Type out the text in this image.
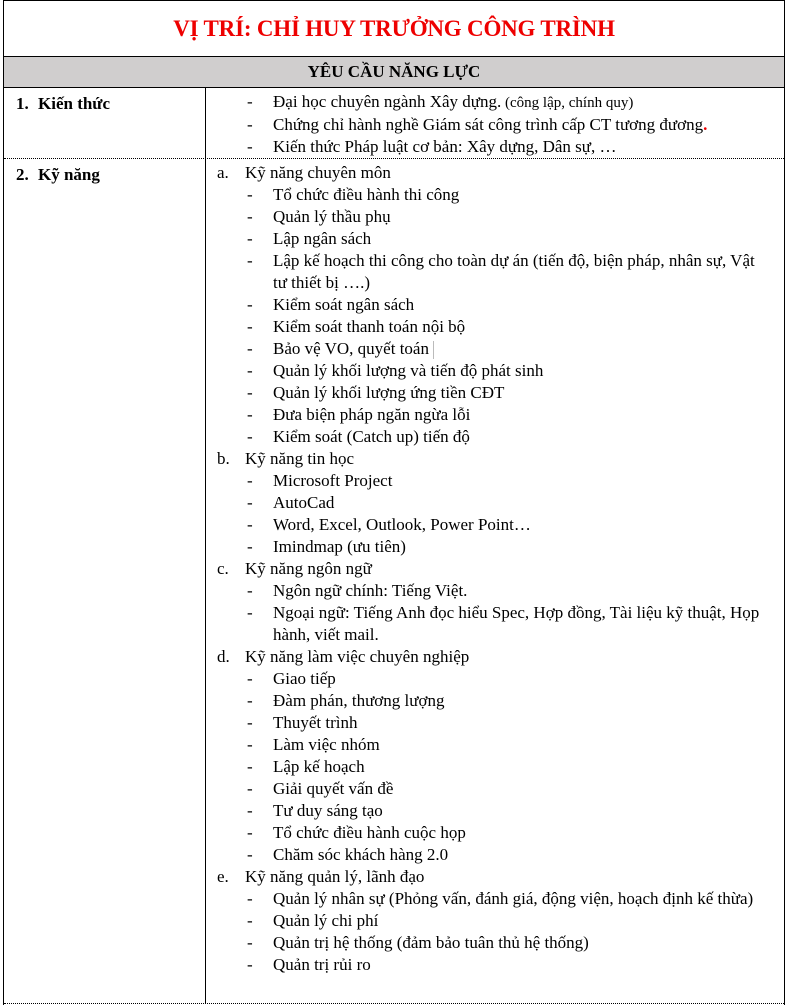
VỊ TRÍ: CHỈ HUY TRƯỞNG CÔNG TRÌNH
YÊU CẦU NĂNG LỰC
1. Kiến thức	- Đại học chuyên ngành Xây dựng. (công lập, chính quy)
- Chứng chỉ hành nghề Giám sát công trình cấp CT tương đương.
- Kiến thức Pháp luật cơ bản: Xây dựng, Dân sự, …
2. Kỹ năng	a. Kỹ năng chuyên môn
- Tổ chức điều hành thi công
- Quản lý thầu phụ
- Lập ngân sách
- Lập kế hoạch thi công cho toàn dự án (tiến độ, biện pháp, nhân sự, Vật tư thiết bị ….)
- Kiểm soát ngân sách
- Kiểm soát thanh toán nội bộ
- Bảo vệ VO, quyết toán
- Quản lý khối lượng và tiến độ phát sinh
- Quản lý khối lượng ứng tiền CĐT
- Đưa biện pháp ngăn ngừa lỗi
- Kiểm soát (Catch up) tiến độ
b. Kỹ năng tin học
- Microsoft Project
- AutoCad
- Word, Excel, Outlook, Power Point…
- Imindmap (ưu tiên)
c. Kỹ năng ngôn ngữ
- Ngôn ngữ chính: Tiếng Việt.
- Ngoại ngữ: Tiếng Anh đọc hiểu Spec, Hợp đồng, Tài liệu kỹ thuật, Họp hành, viết mail.
d. Kỹ năng làm việc chuyên nghiệp
- Giao tiếp
- Đàm phán, thương lượng
- Thuyết trình
- Làm việc nhóm
- Lập kế hoạch
- Giải quyết vấn đề
- Tư duy sáng tạo
- Tổ chức điều hành cuộc họp
- Chăm sóc khách hàng 2.0
e. Kỹ năng quản lý, lãnh đạo
- Quản lý nhân sự (Phỏng vấn, đánh giá, động viện, hoạch định kế thừa)
- Quản lý chi phí
- Quản trị hệ thống (đảm bảo tuân thủ hệ thống)
- Quản trị rủi ro
